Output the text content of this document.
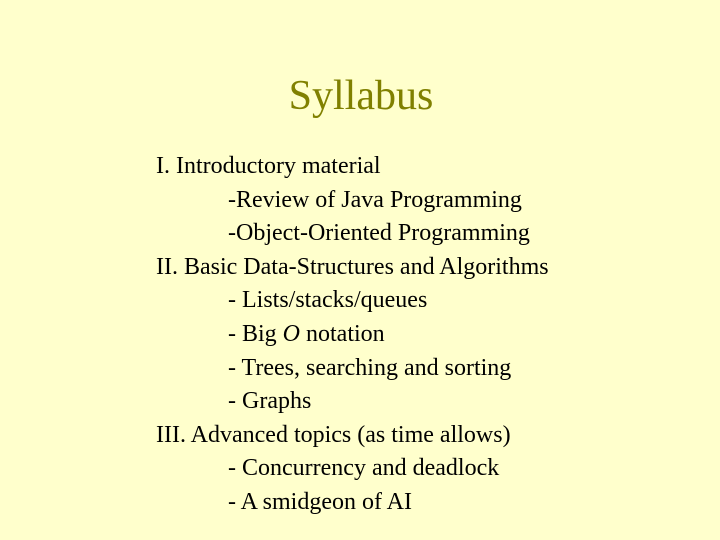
Syllabus
I. Introductory material
-Review of Java Programming
-Object-Oriented Programming
II. Basic Data-Structures and Algorithms
- Lists/stacks/queues
- Big O notation
- Trees, searching and sorting
- Graphs
III. Advanced topics (as time allows)
- Concurrency and deadlock
- A smidgeon of AI
